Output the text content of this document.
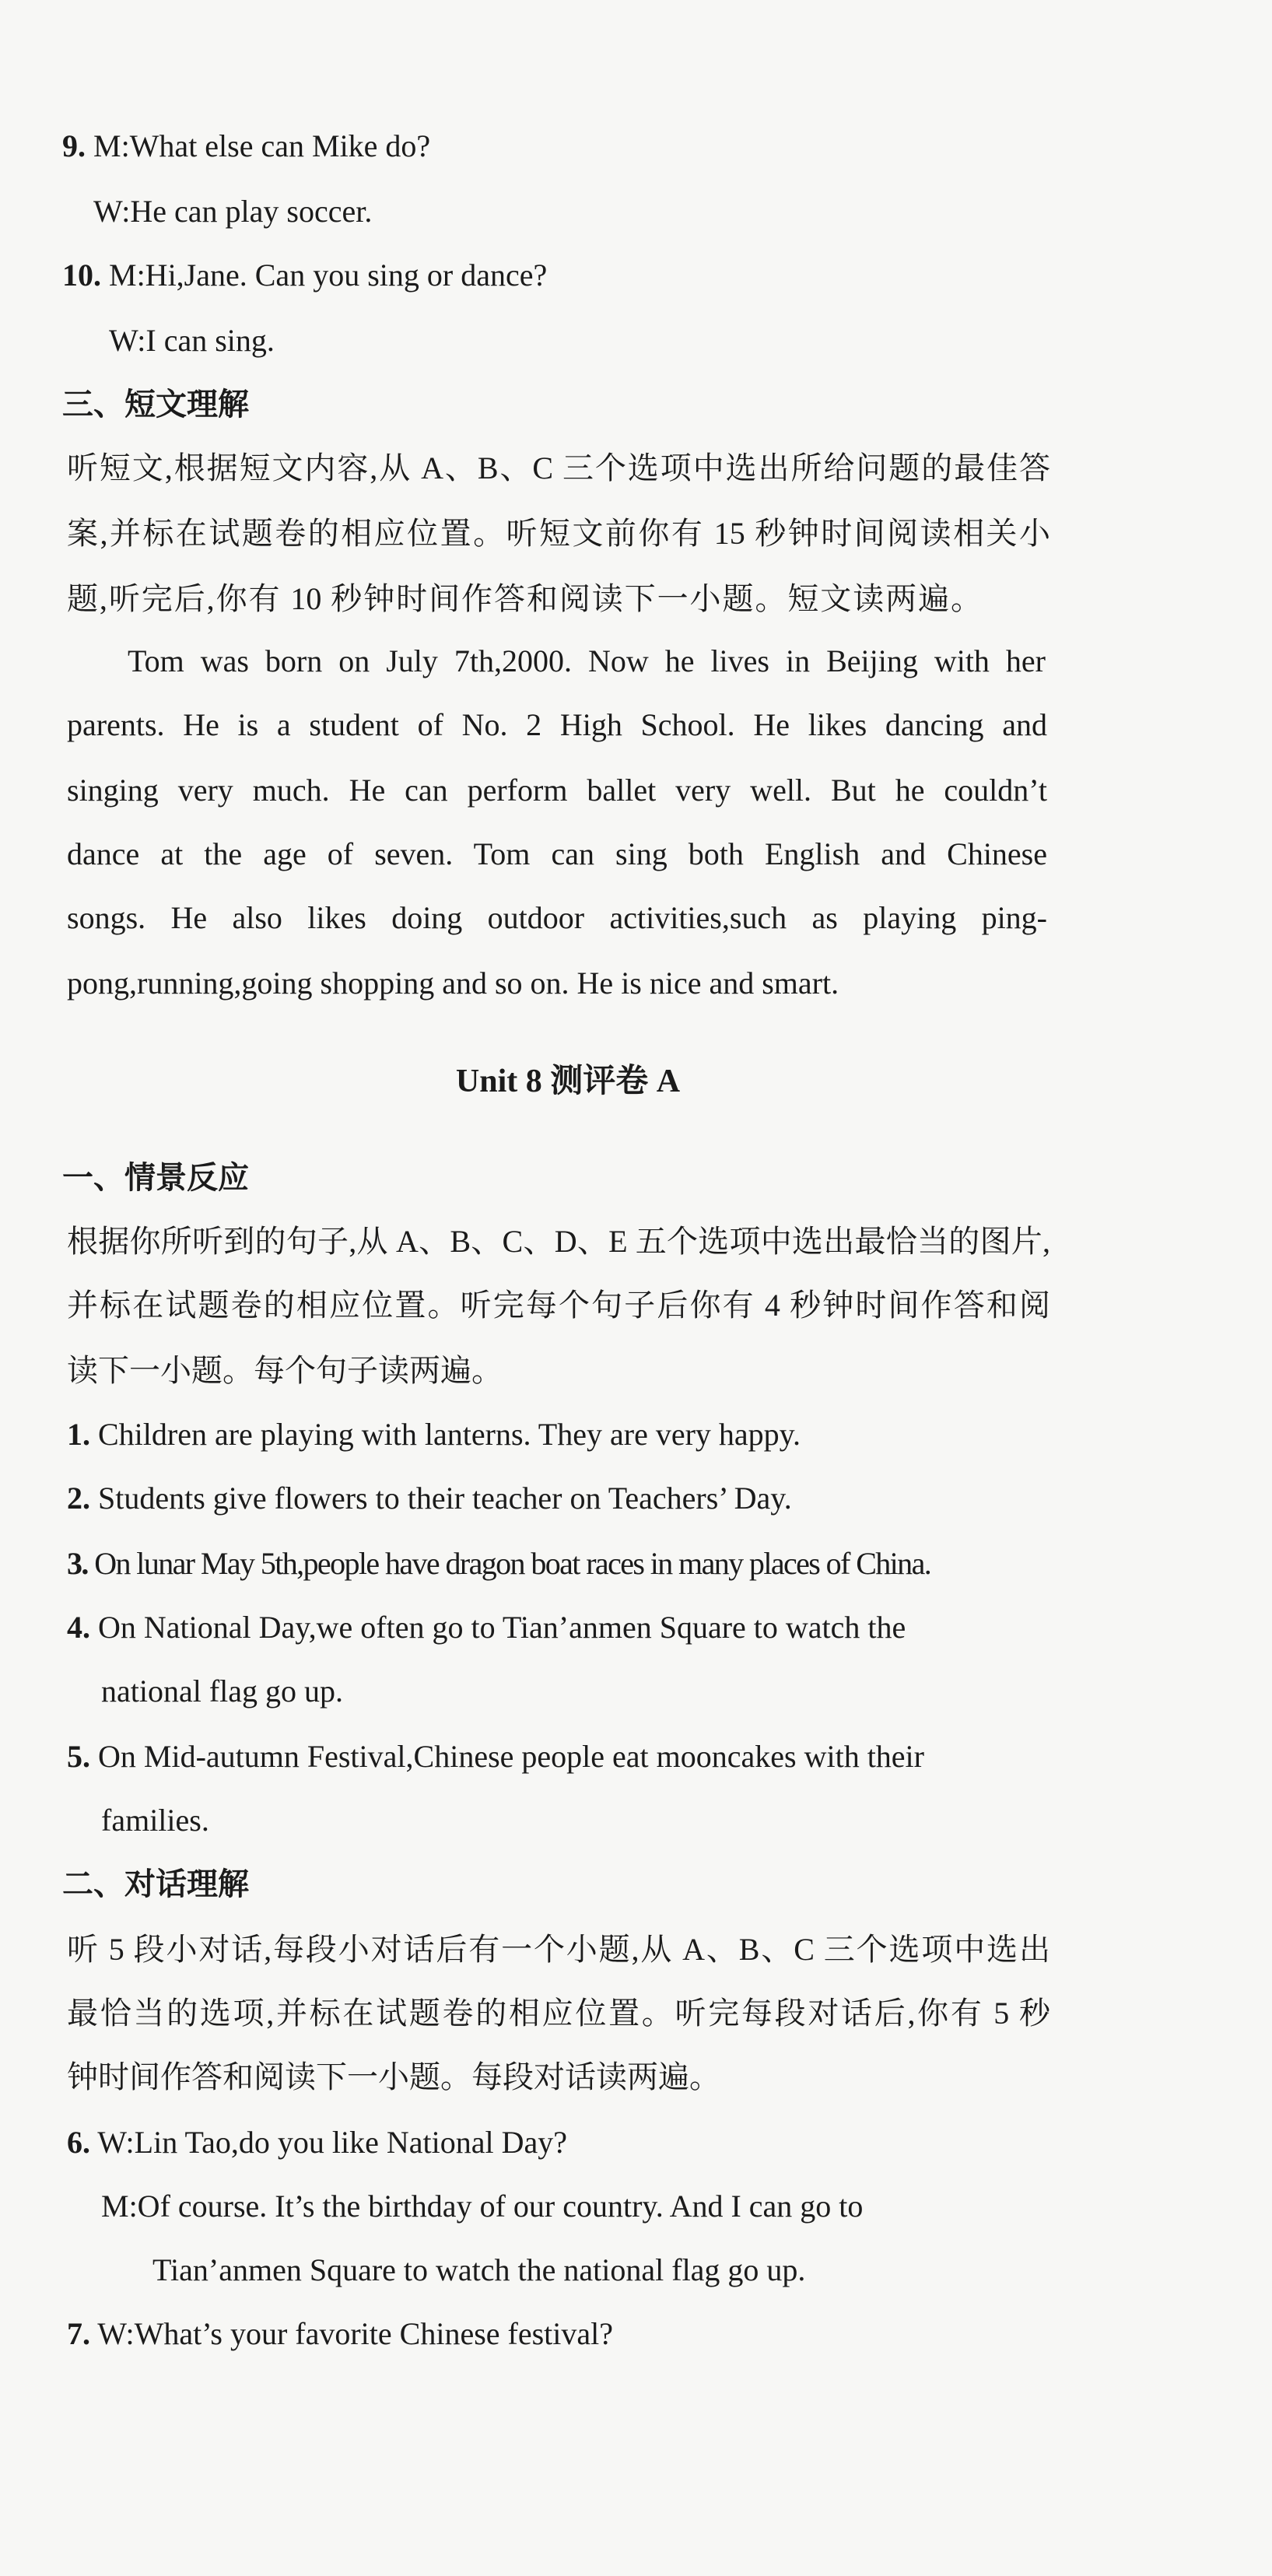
9. M:What else can Mike do?
W:He can play soccer.
10. M:Hi,Jane. Can you sing or dance?
W:I can sing.
三、短文理解
听短文,根据短文内容,从 A、B、C 三个选项中选出所给问题的最佳答
案,并标在试题卷的相应位置。听短文前你有 15 秒钟时间阅读相关小
题,听完后,你有 10 秒钟时间作答和阅读下一小题。短文读两遍。
Tom was born on July 7th,2000. Now he lives in Beijing with her
parents. He is a student of No. 2 High School. He likes dancing and
singing very much. He can perform ballet very well. But he couldn’t
dance at the age of seven. Tom can sing both English and Chinese
songs. He also likes doing outdoor activities,such as playing ping-
pong,running,going shopping and so on. He is nice and smart.
Unit 8 测评卷 A
一、情景反应
根据你所听到的句子,从 A、B、C、D、E 五个选项中选出最恰当的图片,
并标在试题卷的相应位置。听完每个句子后你有 4 秒钟时间作答和阅
读下一小题。每个句子读两遍。
1. Children are playing with lanterns. They are very happy.
2. Students give flowers to their teacher on Teachers’ Day.
3. On lunar May 5th,people have dragon boat races in many places of China.
4. On National Day,we often go to Tian’anmen Square to watch the
national flag go up.
5. On Mid-autumn Festival,Chinese people eat mooncakes with their
families.
二、对话理解
听 5 段小对话,每段小对话后有一个小题,从 A、B、C 三个选项中选出
最恰当的选项,并标在试题卷的相应位置。听完每段对话后,你有 5 秒
钟时间作答和阅读下一小题。每段对话读两遍。
6. W:Lin Tao,do you like National Day?
M:Of course. It’s the birthday of our country. And I can go to
Tian’anmen Square to watch the national flag go up.
7. W:What’s your favorite Chinese festival?
